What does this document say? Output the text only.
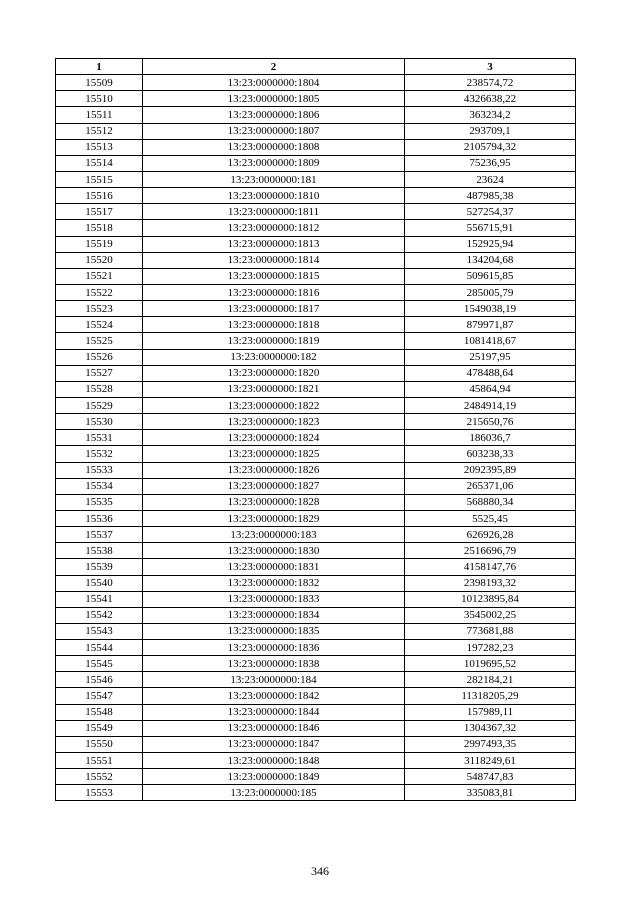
1	2	3
15509	13:23:0000000:1804	238574,72
15510	13:23:0000000:1805	4326638,22
15511	13:23:0000000:1806	363234,2
15512	13:23:0000000:1807	293709,1
15513	13:23:0000000:1808	2105794,32
15514	13:23:0000000:1809	75236,95
15515	13:23:0000000:181	23624
15516	13:23:0000000:1810	487985,38
15517	13:23:0000000:1811	527254,37
15518	13:23:0000000:1812	556715,91
15519	13:23:0000000:1813	152925,94
15520	13:23:0000000:1814	134204,68
15521	13:23:0000000:1815	509615,85
15522	13:23:0000000:1816	285005,79
15523	13:23:0000000:1817	1549038,19
15524	13:23:0000000:1818	879971,87
15525	13:23:0000000:1819	1081418,67
15526	13:23:0000000:182	25197,95
15527	13:23:0000000:1820	478488,64
15528	13:23:0000000:1821	45864,94
15529	13:23:0000000:1822	2484914,19
15530	13:23:0000000:1823	215650,76
15531	13:23:0000000:1824	186036,7
15532	13:23:0000000:1825	603238,33
15533	13:23:0000000:1826	2092395,89
15534	13:23:0000000:1827	265371,06
15535	13:23:0000000:1828	568880,34
15536	13:23:0000000:1829	5525,45
15537	13:23:0000000:183	626926,28
15538	13:23:0000000:1830	2516696,79
15539	13:23:0000000:1831	4158147,76
15540	13:23:0000000:1832	2398193,32
15541	13:23:0000000:1833	10123895,84
15542	13:23:0000000:1834	3545002,25
15543	13:23:0000000:1835	773681,88
15544	13:23:0000000:1836	197282,23
15545	13:23:0000000:1838	1019695,52
15546	13:23:0000000:184	282184,21
15547	13:23:0000000:1842	11318205,29
15548	13:23:0000000:1844	157989,11
15549	13:23:0000000:1846	1304367,32
15550	13:23:0000000:1847	2997493,35
15551	13:23:0000000:1848	3118249,61
15552	13:23:0000000:1849	548747,83
15553	13:23:0000000:185	335083,81
346
